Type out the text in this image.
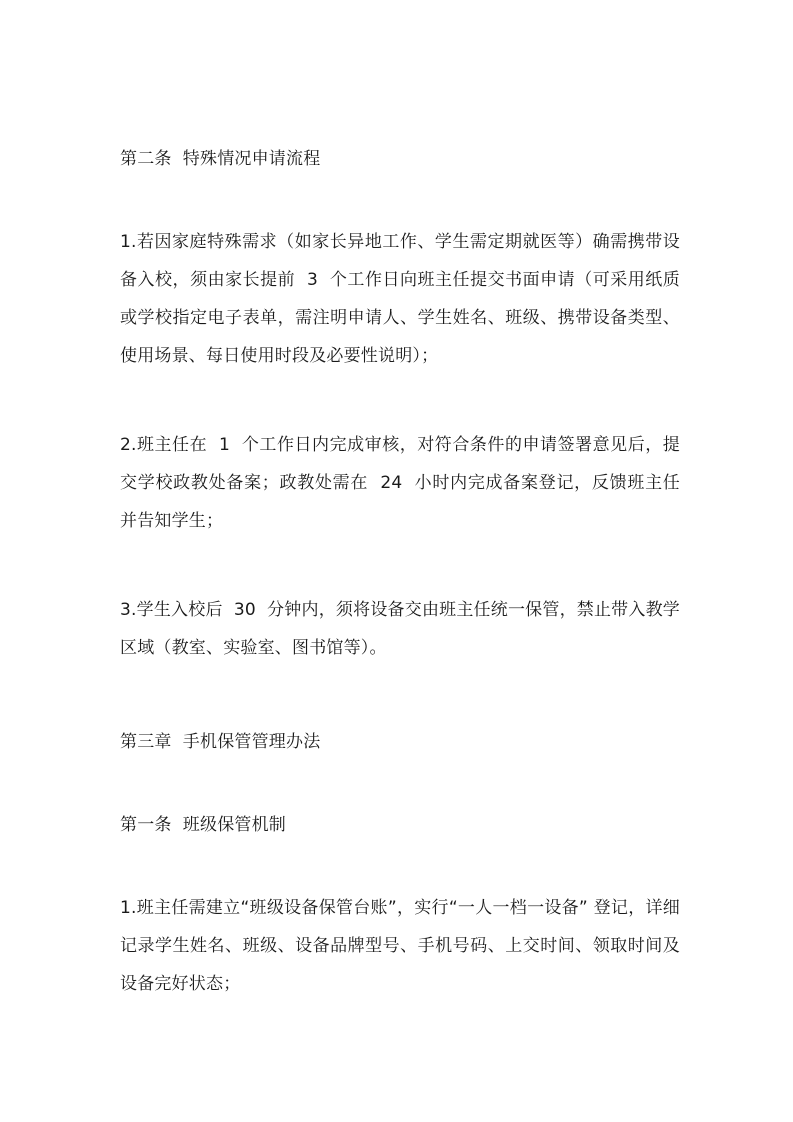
第二条  特殊情况申请流程

1.若因家庭特殊需求（如家长异地工作、学生需定期就医等）确需携带设备入校，须由家长提前  3  个工作日向班主任提交书面申请（可采用纸质或学校指定电子表单，需注明申请人、学生姓名、班级、携带设备类型、使用场景、每日使用时段及必要性说明）；

2.班主任在  1  个工作日内完成审核，对符合条件的申请签署意见后，提交学校政教处备案；政教处需在  24  小时内完成备案登记，反馈班主任并告知学生；

3.学生入校后  30  分钟内，须将设备交由班主任统一保管，禁止带入教学区域（教室、实验室、图书馆等）。

第三章  手机保管管理办法

第一条  班级保管机制

1.班主任需建立“班级设备保管台账”，实行“一人一档一设备” 登记，详细记录学生姓名、班级、设备品牌型号、手机号码、上交时间、领取时间及设备完好状态；
